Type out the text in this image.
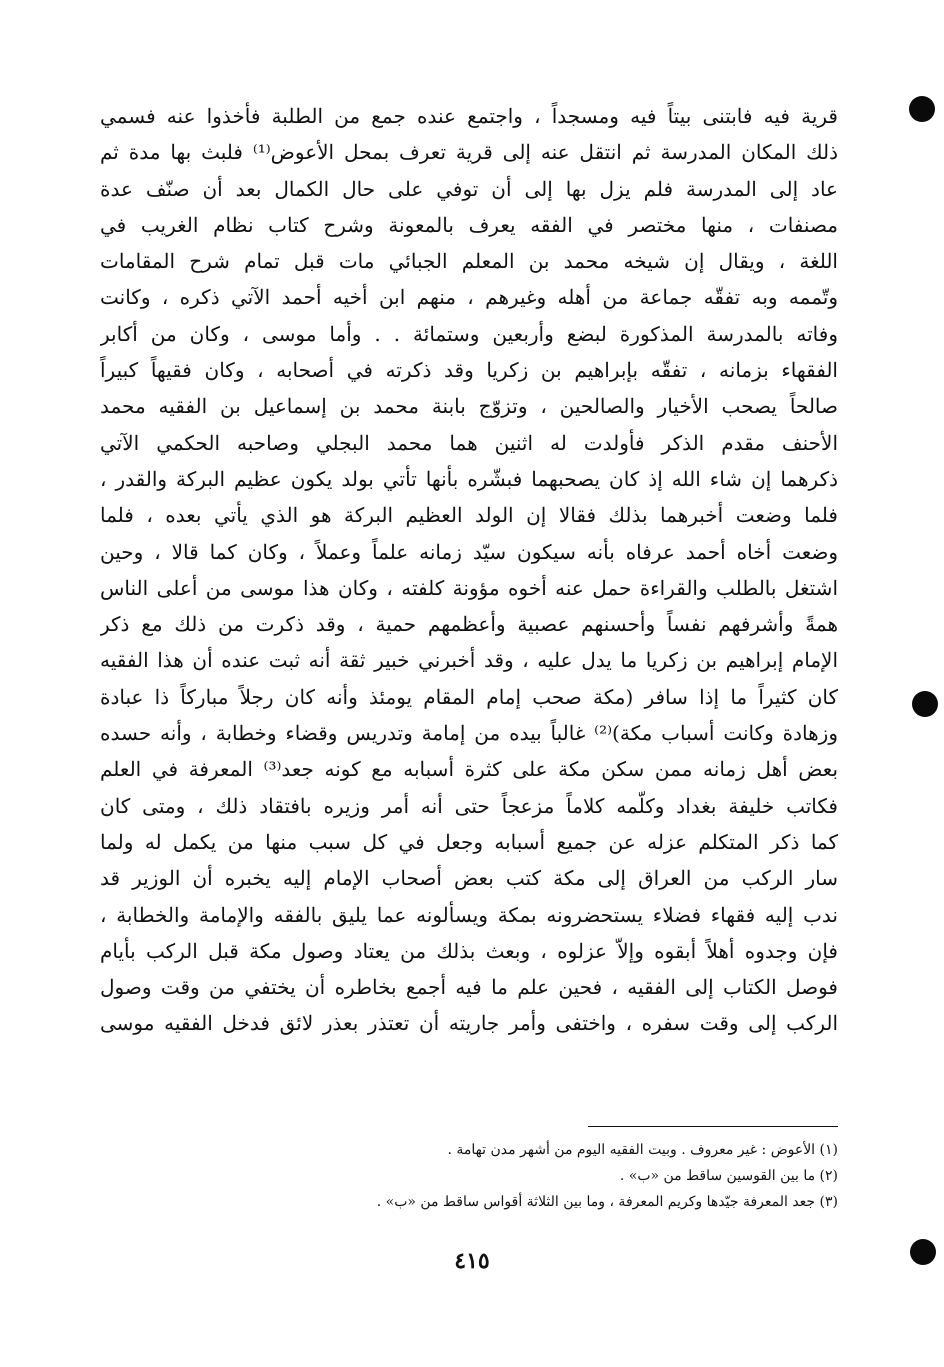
قرية فيه فابتنى بيتاً فيه ومسجداً ، واجتمع عنده جمع من الطلبة فأخذوا عنه فسمي
ذلك المكان المدرسة ثم انتقل عنه إلى قرية تعرف بمحل الأعوض⁽¹⁾ فلبث بها مدة ثم
عاد إلى المدرسة فلم يزل بها إلى أن توفي على حال الكمال بعد أن صنّف عدة
مصنفات ، منها مختصر في الفقه يعرف بالمعونة وشرح كتاب نظام الغريب في
اللغة ، ويقال إن شيخه محمد بن المعلم الجبائي مات قبل تمام شرح المقامات
وتّممه وبه تفقّه جماعة من أهله وغيرهم ، منهم ابن أخيه أحمد الآتي ذكره ، وكانت
وفاته بالمدرسة المذكورة لبضع وأربعين وستمائة . . وأما موسى ، وكان من أكابر
الفقهاء بزمانه ، تفقّه بإبراهيم بن زكريا وقد ذكرته في أصحابه ، وكان فقيهاً كبيراً
صالحاً يصحب الأخيار والصالحين ، وتزوّج بابنة محمد بن إسماعيل بن الفقيه محمد
الأحنف مقدم الذكر فأولدت له اثنين هما محمد البجلي وصاحبه الحكمي الآتي
ذكرهما إن شاء الله إذ كان يصحبهما فبشّره بأنها تأتي بولد يكون عظيم البركة والقدر ،
فلما وضعت أخبرهما بذلك فقالا إن الولد العظيم البركة هو الذي يأتي بعده ، فلما
وضعت أخاه أحمد عرفاه بأنه سيكون سيّد زمانه علماً وعملاً ، وكان كما قالا ، وحين
اشتغل بالطلب والقراءة حمل عنه أخوه مؤونة كلفته ، وكان هذا موسى من أعلى الناس
همةً وأشرفهم نفساً وأحسنهم عصبية وأعظمهم حمية ، وقد ذكرت من ذلك مع ذكر
الإمام إبراهيم بن زكريا ما يدل عليه ، وقد أخبرني خبير ثقة أنه ثبت عنده أن هذا الفقيه
كان كثيراً ما إذا سافر (مكة صحب إمام المقام يومئذ وأنه كان رجلاً مباركاً ذا عبادة
وزهادة وكانت أسباب مكة)⁽²⁾ غالباً بيده من إمامة وتدريس وقضاء وخطابة ، وأنه حسده
بعض أهل زمانه ممن سكن مكة على كثرة أسبابه مع كونه جعد⁽³⁾ المعرفة في العلم
فكاتب خليفة بغداد وكلّمه كلاماً مزعجاً حتى أنه أمر وزيره بافتقاد ذلك ، ومتى كان
كما ذكر المتكلم عزله عن جميع أسبابه وجعل في كل سبب منها من يكمل له ولما
سار الركب من العراق إلى مكة كتب بعض أصحاب الإمام إليه يخبره أن الوزير قد
ندب إليه فقهاء فضلاء يستحضرونه بمكة ويسألونه عما يليق بالفقه والإمامة والخطابة ،
فإن وجدوه أهلاً أبقوه وإلاّ عزلوه ، وبعث بذلك من يعتاد وصول مكة قبل الركب بأيام
فوصل الكتاب إلى الفقيه ، فحين علم ما فيه أجمع بخاطره أن يختفي من وقت وصول
الركب إلى وقت سفره ، واختفى وأمر جاريته أن تعتذر بعذر لائق فدخل الفقيه موسى
(١) الأعوض : غير معروف . وبيت الفقيه اليوم من أشهر مدن تهامة .
(٢) ما بين القوسين ساقط من «ب» .
(٣) جعد المعرفة جيّدها وكريم المعرفة ، وما بين الثلاثة أقواس ساقط من «ب» .
٤١٥
